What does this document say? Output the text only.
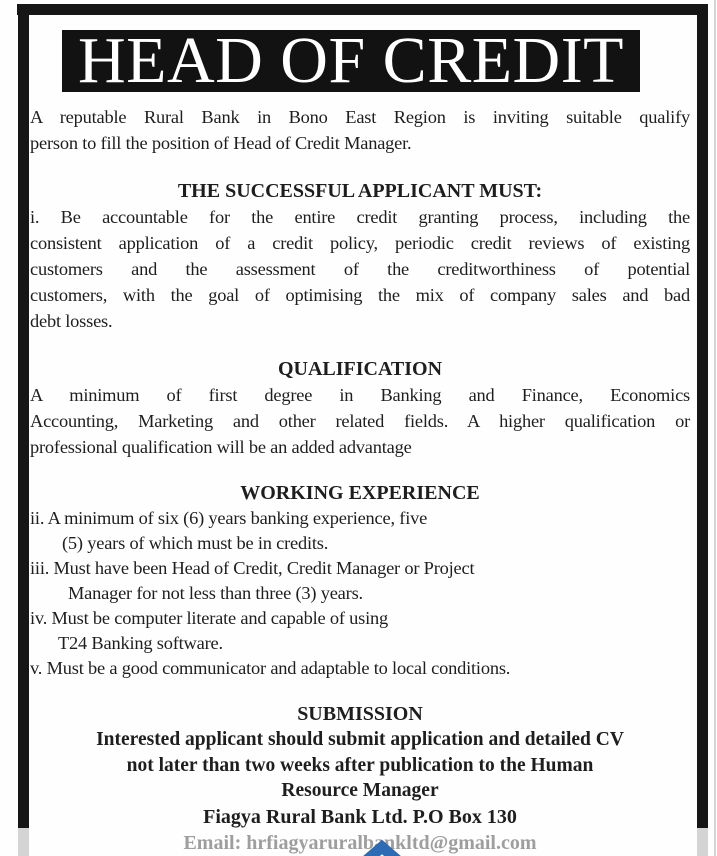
HEAD OF CREDIT
A reputable Rural Bank in Bono East Region is inviting suitable qualify
person to fill the position of Head of Credit Manager.
THE SUCCESSFUL APPLICANT MUST:
i. Be accountable for the entire credit granting process, including the
consistent application of a credit policy, periodic credit reviews of existing
customers and the assessment of the creditworthiness of potential
customers, with the goal of optimising the mix of company sales and bad
debt losses.
QUALIFICATION
A minimum of first degree in Banking and Finance, Economics
Accounting, Marketing and other related fields. A higher qualification or
professional qualification will be an added advantage
WORKING EXPERIENCE
ii. A minimum of six (6) years banking experience, five
(5) years of which must be in credits.
iii. Must have been Head of Credit, Credit Manager or Project
Manager for not less than three (3) years.
iv. Must be computer literate and capable of using
T24 Banking software.
v. Must be a good communicator and adaptable to local conditions.
SUBMISSION
Interested applicant should submit application and detailed CV
not later than two weeks after publication to the Human
Resource Manager
Fiagya Rural Bank Ltd. P.O Box 130
Email: hrfiagyaruralbankltd@gmail.com
